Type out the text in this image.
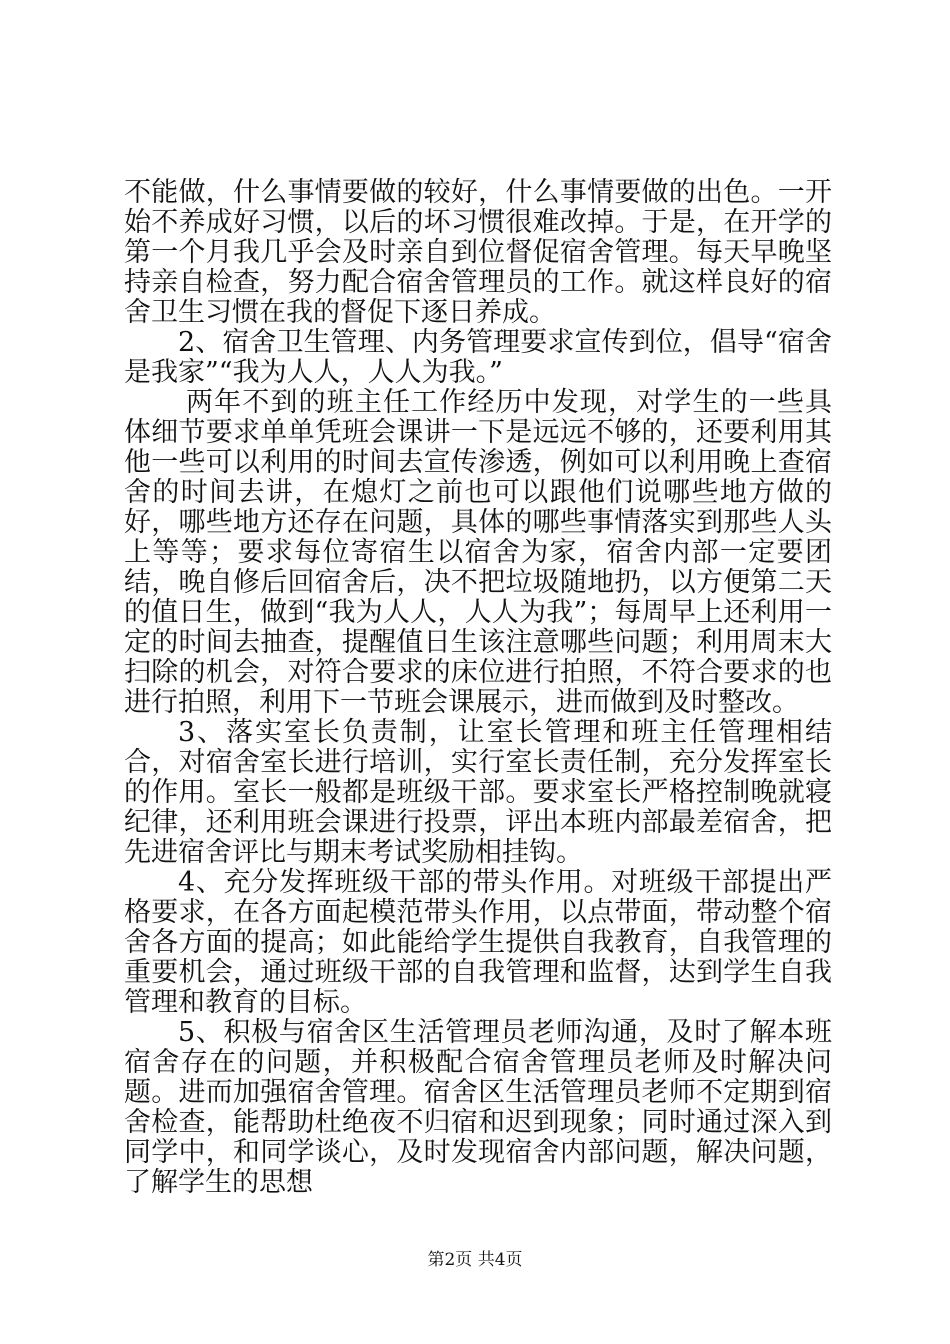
不能做，什么事情要做的较好，什么事情要做的出色。一开始不养成好习惯，以后的坏习惯很难改掉。于是，在开学的第一个月我几乎会及时亲自到位督促宿舍管理。每天早晚坚持亲自检查，努力配合宿舍管理员的工作。就这样良好的宿舍卫生习惯在我的督促下逐日养成。

2、宿舍卫生管理、内务管理要求宣传到位，倡导“宿舍是我家”“我为人人，人人为我。”

两年不到的班主任工作经历中发现，对学生的一些具体细节要求单单凭班会课讲一下是远远不够的，还要利用其他一些可以利用的时间去宣传渗透，例如可以利用晚上查宿舍的时间去讲，在熄灯之前也可以跟他们说哪些地方做的好，哪些地方还存在问题，具体的哪些事情落实到那些人头上等等；要求每位寄宿生以宿舍为家，宿舍内部一定要团结，晚自修后回宿舍后，决不把垃圾随地扔，以方便第二天的值日生，做到“我为人人，人人为我”；每周早上还利用一定的时间去抽查，提醒值日生该注意哪些问题；利用周末大扫除的机会，对符合要求的床位进行拍照，不符合要求的也进行拍照，利用下一节班会课展示，进而做到及时整改。

3、落实室长负责制，让室长管理和班主任管理相结合，对宿舍室长进行培训，实行室长责任制，充分发挥室长的作用。室长一般都是班级干部。要求室长严格控制晚就寝纪律，还利用班会课进行投票，评出本班内部最差宿舍，把先进宿舍评比与期末考试奖励相挂钩。

4、充分发挥班级干部的带头作用。对班级干部提出严格要求，在各方面起模范带头作用，以点带面，带动整个宿舍各方面的提高；如此能给学生提供自我教育，自我管理的重要机会，通过班级干部的自我管理和监督，达到学生自我管理和教育的目标。

5、积极与宿舍区生活管理员老师沟通，及时了解本班宿舍存在的问题，并积极配合宿舍管理员老师及时解决问题。进而加强宿舍管理。宿舍区生活管理员老师不定期到宿舍检查，能帮助杜绝夜不归宿和迟到现象；同时通过深入到同学中，和同学谈心，及时发现宿舍内部问题，解决问题，了解学生的思想

第2页 共4页
